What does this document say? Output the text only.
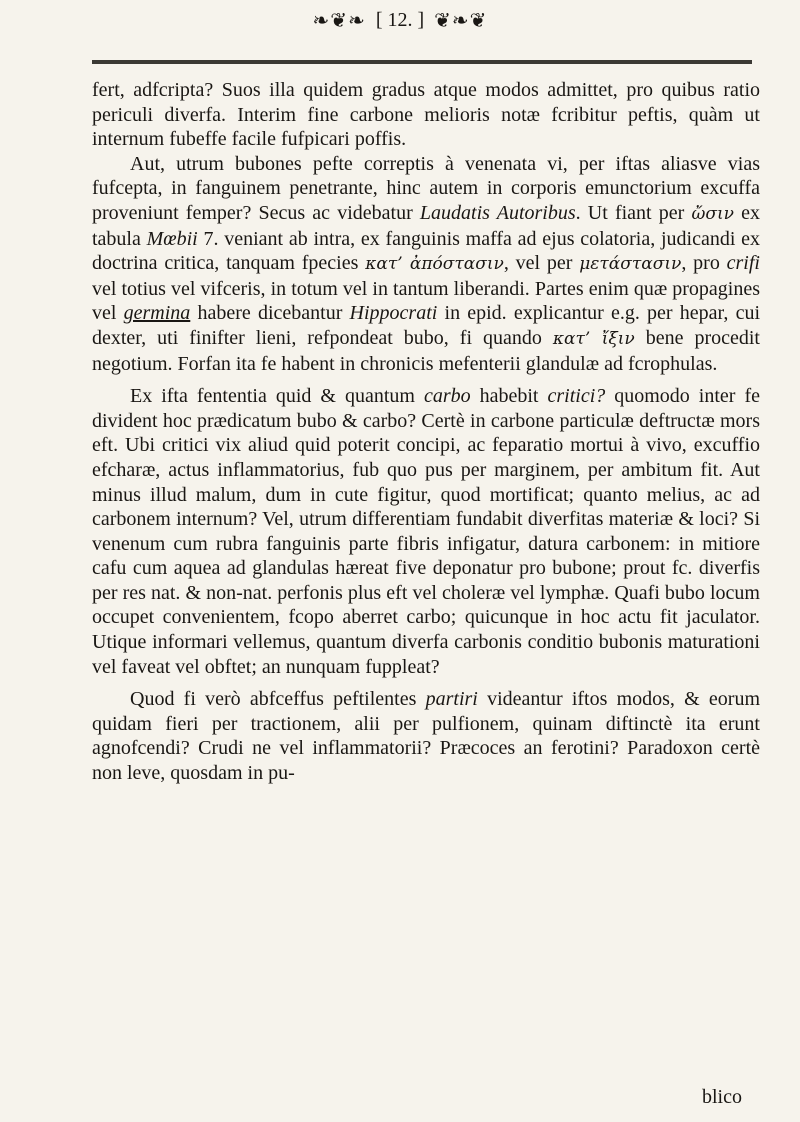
❧❦❧ [ 12. ] ❦❧❦

fert, adfcripta? Suos illa quidem gradus atque modos admittet, pro quibus ratio periculi diverfa. Interim fine carbone melioris notæ fcribitur peftis, quàm ut internum fubeffe facile fufpicari poffis.

Aut, utrum bubones pefte correptis à venenata vi, per iftas aliasve vias fufcepta, in fanguinem penetrante, hinc autem in corporis emunctorium excuffa proveniunt femper? Secus ac videbatur Laudatis Autoribus. Ut fiant per ὤσιν ex tabula Mœbii 7. veniant ab intra, ex fanguinis maffa ad ejus colatoria, judicandi ex doctrina critica, tanquam fpecies κατ’ ἀπόστασιν, vel per μετάστασιν, pro crifi vel totius vel vifceris, in totum vel in tantum liberandi. Partes enim quæ propagines vel germina habere dicebantur Hippocrati in epid. explicantur e.g. per hepar, cui dexter, uti finifter lieni, refpondeat bubo, fi quando κατ’ ἴξιν bene procedit negotium. Forfan ita fe habent in chronicis mefenterii glandulæ ad fcrophulas.

Ex ifta fententia quid & quantum carbo habebit critici? quomodo inter fe divident hoc prædicatum bubo & carbo? Certè in carbone particulæ deftructæ mors eft. Ubi critici vix aliud quid poterit concipi, ac feparatio mortui à vivo, excuffio efcharæ, actus inflammatorius, fub quo pus per marginem, per ambitum fit. Aut minus illud malum, dum in cute figitur, quod mortificat; quanto melius, ac ad carbonem internum? Vel, utrum differentiam fundabit diverfitas materiæ & loci? Si venenum cum rubra fanguinis parte fibris infigatur, datura carbonem: in mitiore cafu cum aquea ad glandulas hæreat five deponatur pro bubone; prout fc. diverfis per res nat. & non-nat. perfonis plus eft vel choleræ vel lymphæ. Quafi bubo locum occupet convenientem, fcopo aberret carbo; quicunque in hoc actu fit jaculator. Utique informari vellemus, quantum diverfa carbonis conditio bubonis maturationi vel faveat vel obftet; an nunquam fuppleat?

Quod fi verò abfceffus peftilentes partiri videantur iftos modos, & eorum quidam fieri per tractionem, alii per pulfionem, quinam diftinctè ita erunt agnofcendi? Crudi ne vel inflammatorii? Præcoces an ferotini? Paradoxon certè non leve, quosdam in pu-

blico
